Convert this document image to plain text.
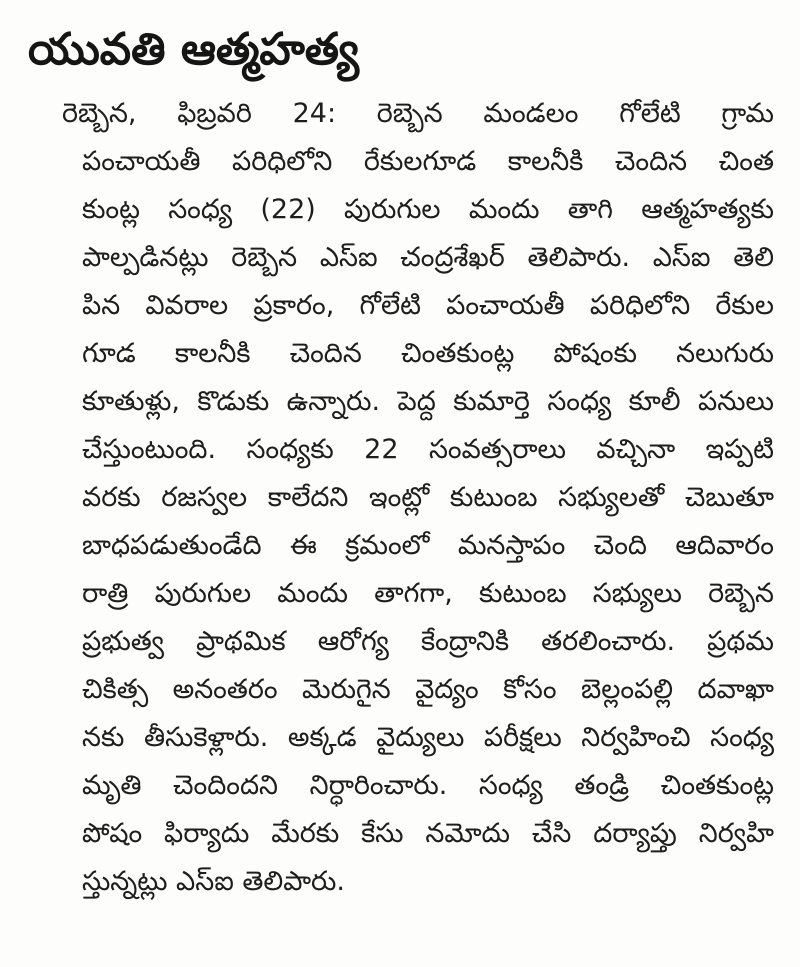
యువతి ఆత్మహత్య
రెబ్బెన, ఫిబ్రవరి 24: రెబ్బెన మండలం గోలేటి గ్రామ
పంచాయతీ పరిధిలోని రేకులగూడ కాలనీకి చెందిన చింత
కుంట్ల సంధ్య (22) పురుగుల మందు తాగి ఆత్మహత్యకు
పాల్పడినట్లు రెబ్బెన ఎస్ఐ చంద్రశేఖర్ తెలిపారు. ఎస్ఐ తెలి
పిన వివరాల ప్రకారం, గోలేటి పంచాయతీ పరిధిలోని రేకుల
గూడ కాలనీకి చెందిన చింతకుంట్ల పోషంకు నలుగురు
కూతుళ్లు, కొడుకు ఉన్నారు. పెద్ద కుమార్తె సంధ్య కూలీ పనులు
చేస్తుంటుంది. సంధ్యకు 22 సంవత్సరాలు వచ్చినా ఇప్పటి
వరకు రజస్వల కాలేదని ఇంట్లో కుటుంబ సభ్యులతో చెబుతూ
బాధపడుతుండేది ఈ క్రమంలో మనస్తాపం చెంది ఆదివారం
రాత్రి పురుగుల మందు తాగగా, కుటుంబ సభ్యులు రెబ్బెన
ప్రభుత్వ ప్రాథమిక ఆరోగ్య కేంద్రానికి తరలించారు. ప్రథమ
చికిత్స అనంతరం మెరుగైన వైద్యం కోసం బెల్లంపల్లి దవాఖా
నకు తీసుకెళ్లారు. అక్కడ వైద్యులు పరీక్షలు నిర్వహించి సంధ్య
మృతి చెందిందని నిర్ధారించారు. సంధ్య తండ్రి చింతకుంట్ల
పోషం ఫిర్యాదు మేరకు కేసు నమోదు చేసి దర్యాప్తు నిర్వహి
స్తున్నట్లు ఎస్ఐ తెలిపారు.
